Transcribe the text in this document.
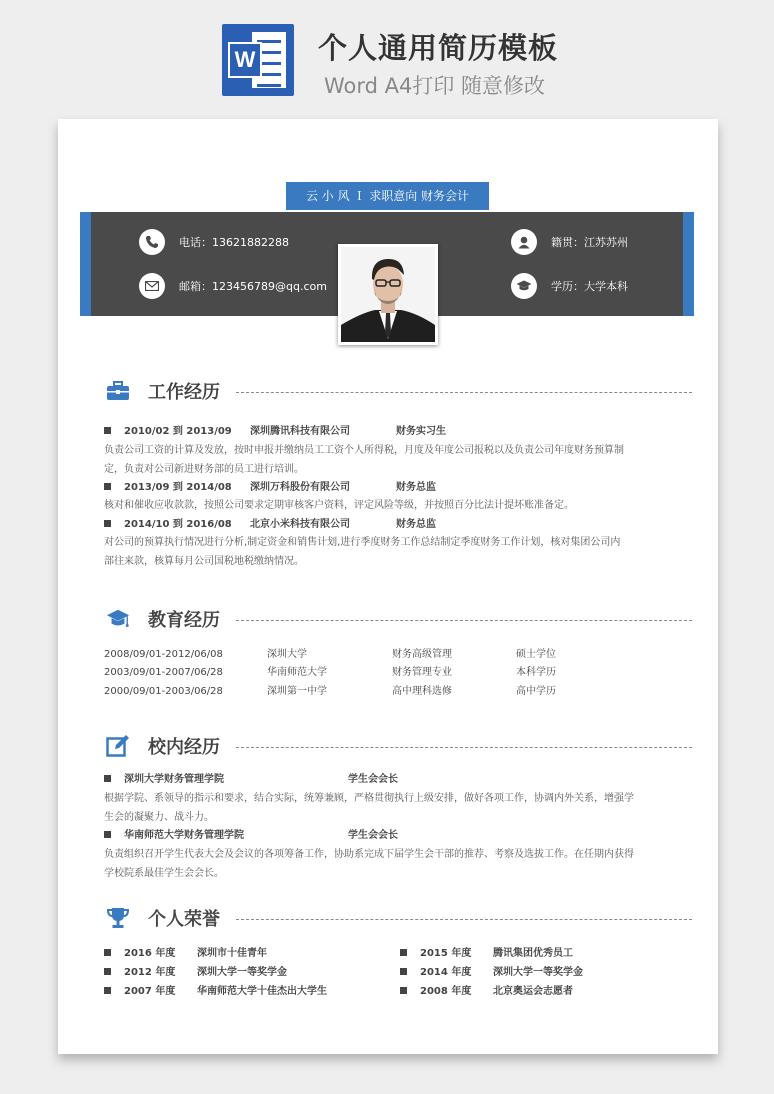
W 个人通用简历模板
Word A4打印 随意修改
云 小 风 Ｉ 求职意向 财务会计
电话：13621882288
邮箱：123456789@qq.com
籍贯：江苏苏州
学历：大学本科
工作经历
2010/02 到 2013/09 深圳腾讯科技有限公司	财务实习生
负责公司工资的计算及发放，按时申报并缴纳员工工资个人所得税，月度及年度公司报税以及负责公司年度财务预算制
定，负责对公司新进财务部的员工进行培训。
2013/09 到 2014/08 深圳万科股份有限公司	财务总监
核对和催收应收款款，按照公司要求定期审核客户资料，评定风险等级，并按照百分比法计提坏账准备定。
2014/10 到 2016/08 北京小米科技有限公司	财务总监
对公司的预算执行情况进行分析,制定资金和销售计划,进行季度财务工作总结制定季度财务工作计划，核对集团公司内
部往来款，核算每月公司国税地税缴纳情况。
教育经历
2008/09/01-2012/06/08	深圳大学	财务高级管理	硕士学位
2003/09/01-2007/06/28	华南师范大学	财务管理专业	本科学历
2000/09/01-2003/06/28	深圳第一中学	高中理科选修	高中学历
校内经历
深圳大学财务管理学院	学生会会长
根据学院、系领导的指示和要求，结合实际，统筹兼顾，严格贯彻执行上级安排，做好各项工作，协调内外关系，增强学
生会的凝聚力、战斗力。
华南师范大学财务管理学院	学生会会长
负责组织召开学生代表大会及会议的各项筹备工作，协助系完成下届学生会干部的推荐、考察及选拔工作。在任期内获得
学校院系最佳学生会会长。
个人荣誉
2016 年度 深圳市十佳青年
2012 年度 深圳大学一等奖学金
2007 年度 华南师范大学十佳杰出大学生
2015 年度 腾讯集团优秀员工
2014 年度 深圳大学一等奖学金
2008 年度 北京奥运会志愿者
